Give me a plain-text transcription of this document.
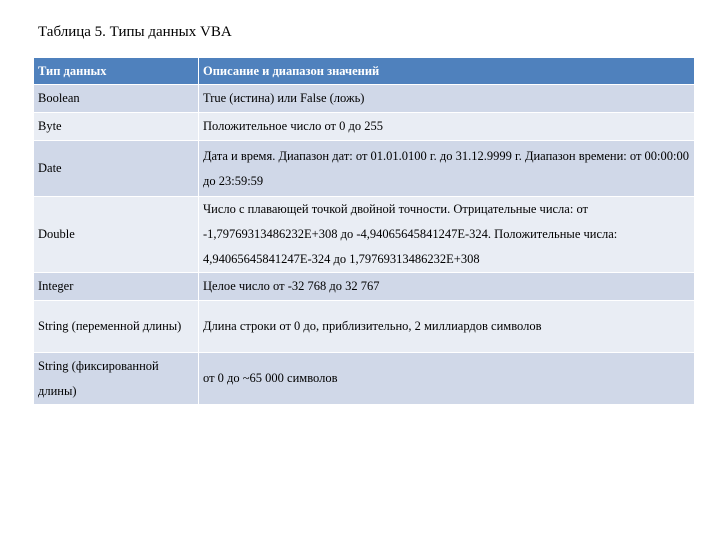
Таблица 5. Типы данных VBA
Тип данных	Описание и диапазон значений
Boolean	True (истина) или False (ложь)
Byte	Положительное число от 0 до 255
Date	Дата и время. Диапазон дат: от 01.01.0100 г. до 31.12.9999 г. Диапазон времени: от 00:00:00 до 23:59:59
Double	Число с плавающей точкой двойной точности. Отрицательные числа: от -1,79769313486232E+308 до -4,94065645841247E-324. Положительные числа: 4,94065645841247E-324 до 1,79769313486232E+308
Integer	Целое число от -32 768 до 32 767
String (переменной длины)	Длина строки от 0 до, приблизительно, 2 миллиардов символов
String (фиксированной длины)	от 0 до ~65 000 символов
